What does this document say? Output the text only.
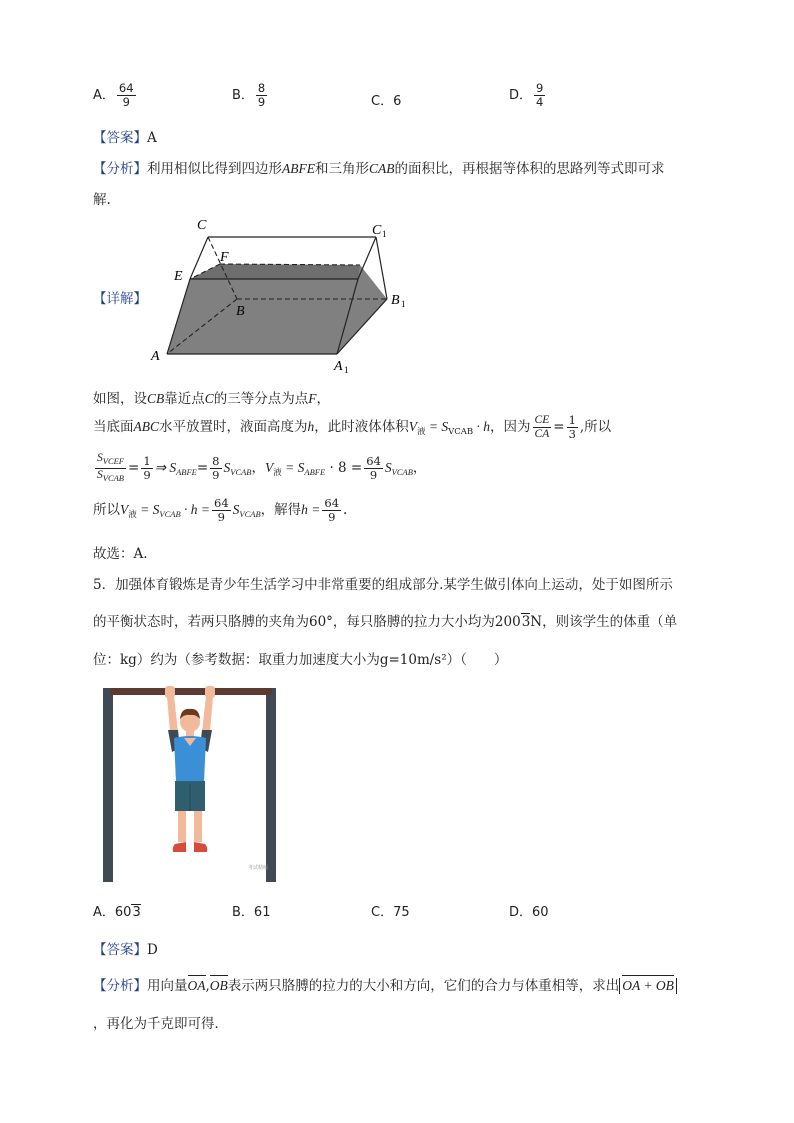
A． $\frac{64}{9}$	B． $\frac{8}{9}$	C．6	D． $\frac{9}{4}$
【答案】A
【分析】利用相似比得到四边形ABFE和三角形CAB的面积比，再根据等体积的思路列等式即可求
解.
【详解】
C	C 1
F
E
B
B 1
A
A 1
如图，设CB靠近点C的三等分点为点F，
当底面ABC水平放置时，液面高度为h，此时液体体积$V_液 = S_{VCAB} \cdot h$，因为 $\frac{CE}{CA} = \frac{1}{3}$ ,所以
$\frac{S_{VCEF}}{S_{VCAB}} = \frac{1}{9}$ ⇒ $S_{ABFE}= \frac{8}{9} S_{VCAB}$，$V_液 = S_{ABFE} \cdot 8 = \frac{64}{9} S_{VCAB}$，
所以$V_液 = S_{VCAB} \cdot h = \frac{64}{9} S_{VCAB}$，解得$h = \frac{64}{9}$ .
故选：A.
5．加强体育锻炼是青少年生活学习中非常重要的组成部分.某学生做引体向上运动，处于如图所示
的平衡状态时，若两只胳膊的夹角为60°，每只胳膊的拉力大小均为2003N，则该学生的体重（单
位：kg）约为（参考数据：取重力加速度大小为g=10m/s²）（　　）
考试精编
A．603	B．61	C．75	D．60
【答案】D
【分析】用向量OA,OB表示两只胳膊的拉力的大小和方向，它们的合力与体重相等，求出 OA + OB
，再化为千克即可得．
